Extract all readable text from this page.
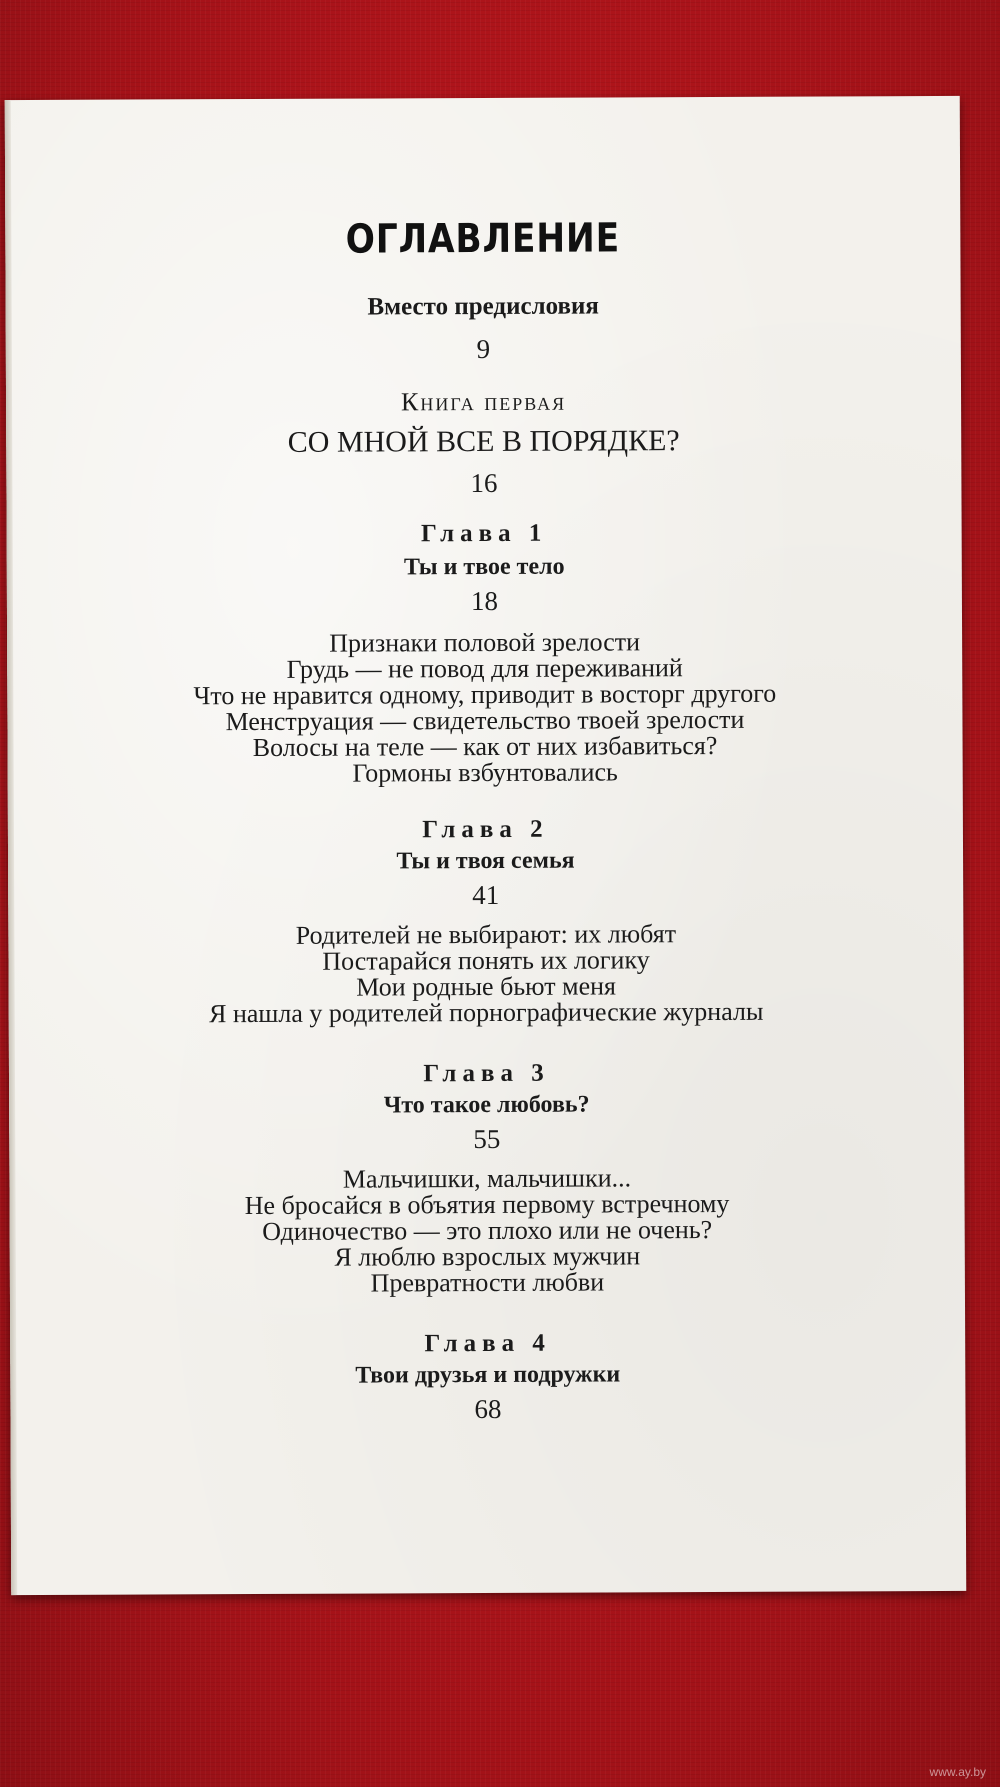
ОГЛАВЛЕНИЕ
Вместо предисловия
9
Книга первая
СО МНОЙ ВСЕ В ПОРЯДКЕ?
16
Глава 1
Ты и твое тело
18
Признаки половой зрелости
Грудь — не повод для переживаний
Что не нравится одному, приводит в восторг другого
Менструация — свидетельство твоей зрелости
Волосы на теле — как от них избавиться?
Гормоны взбунтовались
Глава 2
Ты и твоя семья
41
Родителей не выбирают: их любят
Постарайся понять их логику
Мои родные бьют меня
Я нашла у родителей порнографические журналы
Глава 3
Что такое любовь?
55
Мальчишки, мальчишки...
Не бросайся в объятия первому встречному
Одиночество — это плохо или не очень?
Я люблю взрослых мужчин
Превратности любви
Глава 4
Твои друзья и подружки
68
www.ay.by
